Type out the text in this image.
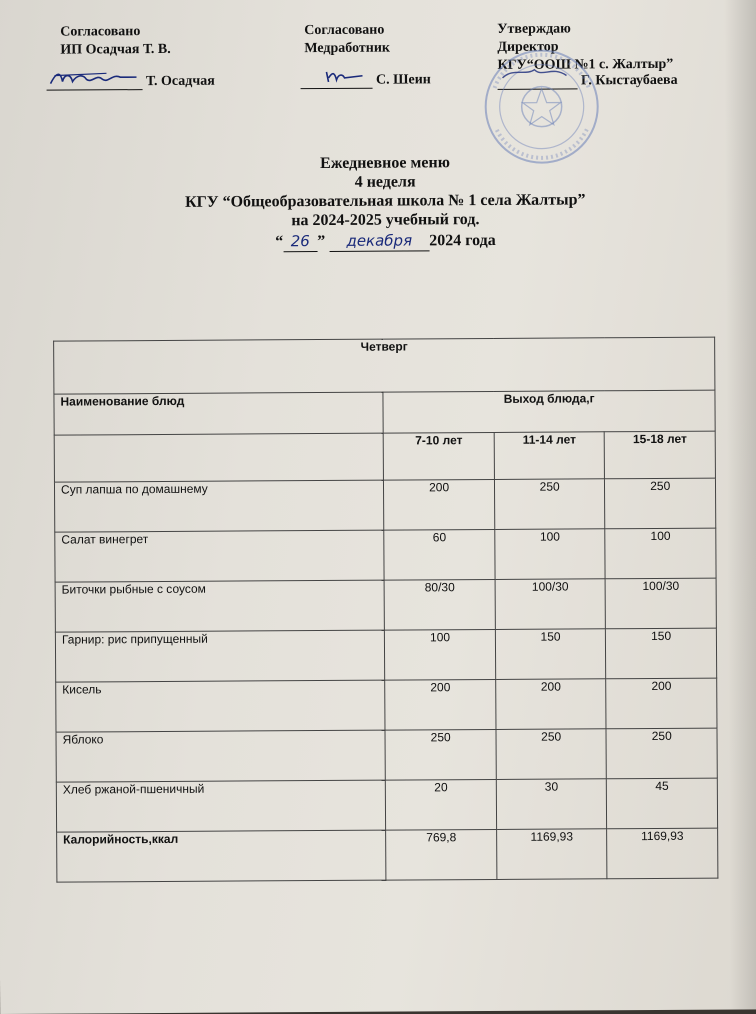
Согласовано
ИП Осадчая Т. В.
Т. Осадчая
Согласовано
Медработник
С. Шеин
Утверждаю
Директор
КГУ“ООШ №1 с. Жалтыр”
Г. Кыстаубаева
Ежедневное меню
4 неделя
КГУ “Общеобразовательная школа № 1 села Жалтыр”
на 2024-2025 учебный год.
“ 26 ” декабря 2024 года
Четверг			
Наименование блюд	Выход блюда,г		
	7-10 лет	11-14 лет	15-18 лет
Суп лапша по домашнему	200	250	250
Салат винегрет	60	100	100
Биточки рыбные с соусом	80/30	100/30	100/30
Гарнир: рис припущенный	100	150	150
Кисель	200	200	200
Яблоко	250	250	250
Хлеб ржаной-пшеничный	20	30	45
Калорийность,ккал	769,8	1169,93	1169,93
